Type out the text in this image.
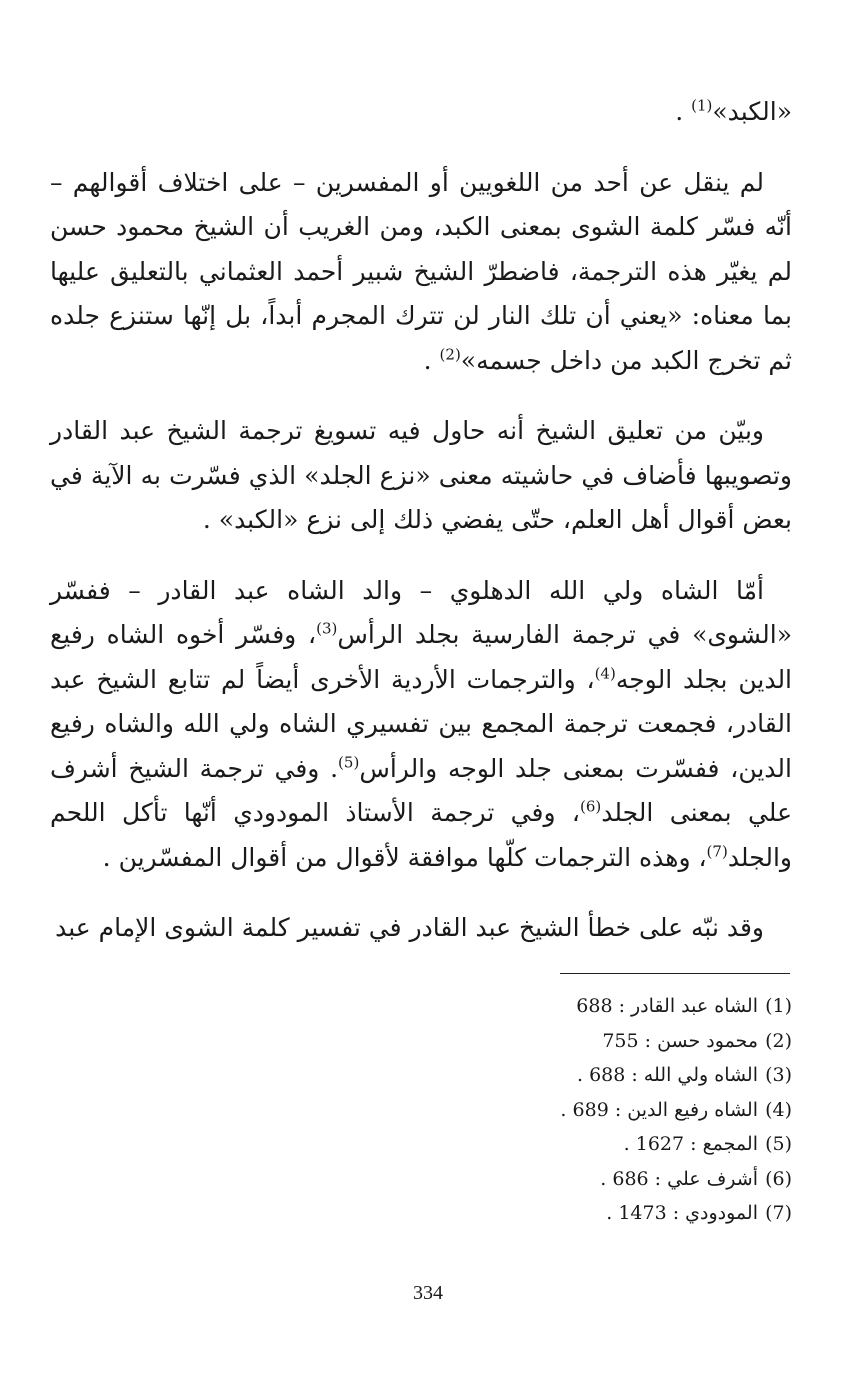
«الكبد»$^{(1)}$ .

لم ينقل عن أحد من اللغويين أو المفسرين – على اختلاف أقوالهم – أنّه فسّر كلمة الشوى بمعنى الكبد، ومن الغريب أن الشيخ محمود حسن لم يغيّر هذه الترجمة، فاضطرّ الشيخ شبير أحمد العثماني بالتعليق عليها بما معناه: «يعني أن تلك النار لن تترك المجرم أبداً، بل إنّها ستنزع جلده ثم تخرج الكبد من داخل جسمه»$^{(2)}$ .

وبيّن من تعليق الشيخ أنه حاول فيه تسويغ ترجمة الشيخ عبد القادر وتصويبها فأضاف في حاشيته معنى «نزع الجلد» الذي فسّرت به الآية في بعض أقوال أهل العلم، حتّى يفضي ذلك إلى نزع «الكبد» .

أمّا الشاه ولي الله الدهلوي – والد الشاه عبد القادر – ففسّر «الشوى» في ترجمة الفارسية بجلد الرأس$^{(3)}$، وفسّر أخوه الشاه رفيع الدين بجلد الوجه$^{(4)}$، والترجمات الأردية الأخرى أيضاً لم تتابع الشيخ عبد القادر، فجمعت ترجمة المجمع بين تفسيري الشاه ولي الله والشاه رفيع الدين، ففسّرت بمعنى جلد الوجه والرأس$^{(5)}$. وفي ترجمة الشيخ أشرف علي بمعنى الجلد$^{(6)}$، وفي ترجمة الأستاذ المودودي أنّها تأكل اللحم والجلد$^{(7)}$، وهذه الترجمات كلّها موافقة لأقوال من أقوال المفسّرين .

وقد نبّه على خطأ الشيخ عبد القادر في تفسير كلمة الشوى الإمام عبد

(1)الشاه عبد القادر : 688
(2)محمود حسن : 755
(3)الشاه ولي الله : 688 .
(4)الشاه رفيع الدين : 689 .
(5)المجمع : 1627 .
(6)أشرف علي : 686 .
(7)المودودي : 1473 .
334
